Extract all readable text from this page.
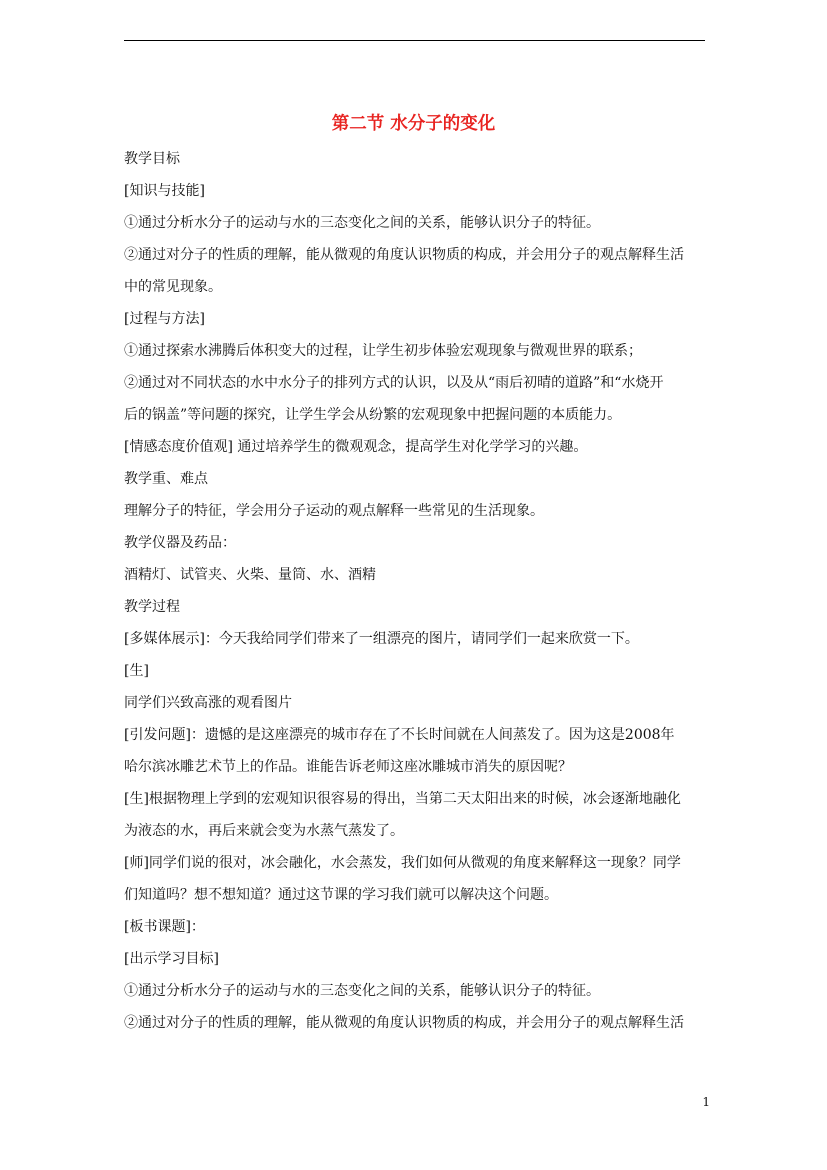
第二节 水分子的变化
教学目标
[知识与技能]
①通过分析水分子的运动与水的三态变化之间的关系，能够认识分子的特征。
②通过对分子的性质的理解，能从微观的角度认识物质的构成，并会用分子的观点解释生活
中的常见现象。
[过程与方法]
①通过探索水沸腾后体积变大的过程，让学生初步体验宏观现象与微观世界的联系；
②通过对不同状态的水中水分子的排列方式的认识，以及从“雨后初晴的道路”和“水烧开
后的锅盖”等问题的探究，让学生学会从纷繁的宏观现象中把握问题的本质能力。
[情感态度价值观] 通过培养学生的微观观念，提高学生对化学学习的兴趣。
教学重、难点
理解分子的特征，学会用分子运动的观点解释一些常见的生活现象。
教学仪器及药品：
酒精灯、试管夹、火柴、量筒、水、酒精
教学过程
[多媒体展示]：今天我给同学们带来了一组漂亮的图片，请同学们一起来欣赏一下。
[生]
同学们兴致高涨的观看图片
[引发问题]：遗憾的是这座漂亮的城市存在了不长时间就在人间蒸发了。因为这是2008年
哈尔滨冰雕艺术节上的作品。谁能告诉老师这座冰雕城市消失的原因呢？
[生]根据物理上学到的宏观知识很容易的得出，当第二天太阳出来的时候，冰会逐渐地融化
为液态的水，再后来就会变为水蒸气蒸发了。
[师]同学们说的很对，冰会融化，水会蒸发，我们如何从微观的角度来解释这一现象？同学
们知道吗？想不想知道？通过这节课的学习我们就可以解决这个问题。
[板书课题]：
[出示学习目标]
①通过分析水分子的运动与水的三态变化之间的关系，能够认识分子的特征。
②通过对分子的性质的理解，能从微观的角度认识物质的构成，并会用分子的观点解释生活
1
